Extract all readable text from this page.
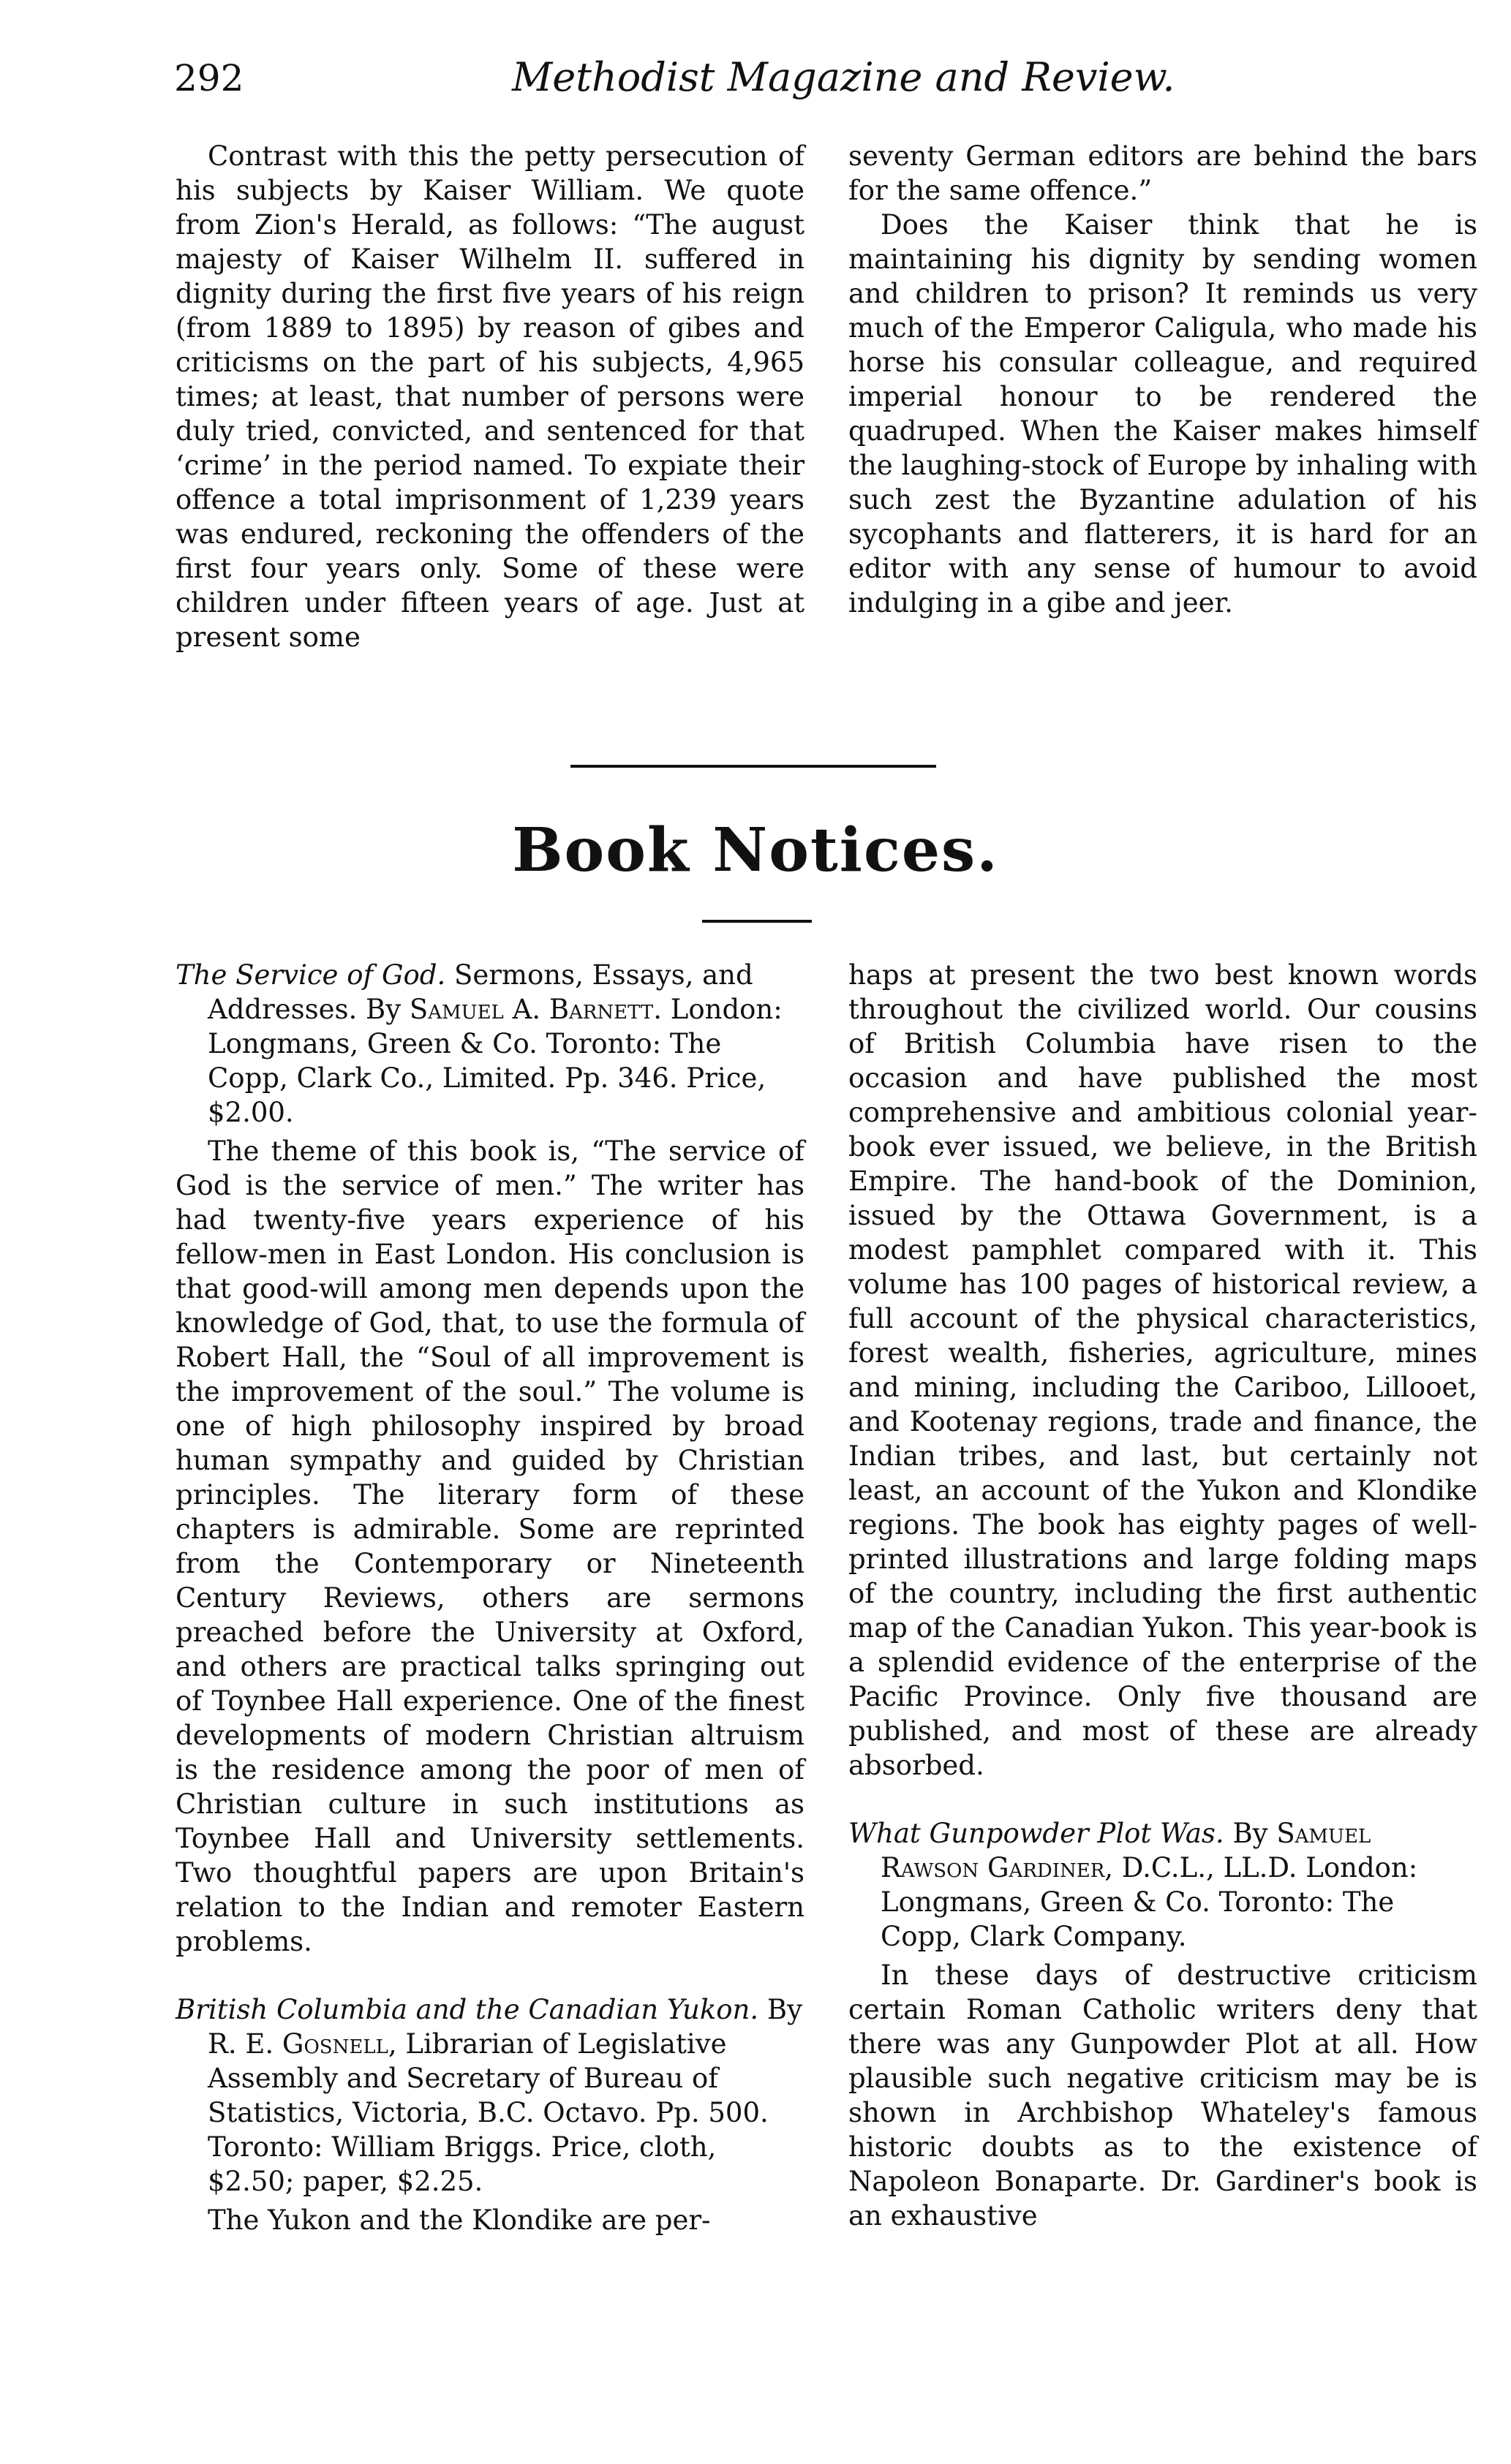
292	Methodist Magazine and Review.

Contrast with this the petty persecution of his subjects by Kaiser William. We quote from Zion's Herald, as follows: “The august majesty of Kaiser Wilhelm II. suffered in dignity during the first five years of his reign (from 1889 to 1895) by reason of gibes and criticisms on the part of his subjects, 4,965 times; at least, that number of persons were duly tried, convicted, and sentenced for that ‘crime’ in the period named. To expiate their offence a total imprisonment of 1,239 years was endured, reckoning the offenders of the first four years only. Some of these were children under fifteen years of age. Just at present some

seventy German editors are behind the bars for the same offence.”

Does the Kaiser think that he is maintaining his dignity by sending women and children to prison? It reminds us very much of the Emperor Caligula, who made his horse his consular colleague, and required imperial honour to be rendered the quadruped. When the Kaiser makes himself the laughing-stock of Europe by inhaling with such zest the Byzantine adulation of his sycophants and flatterers, it is hard for an editor with any sense of humour to avoid indulging in a gibe and jeer.

Book Notices.
The Service of God. Sermons, Essays, and Addresses. By Samuel A. Barnett. London: Longmans, Green & Co. Toronto: The Copp, Clark Co., Limited. Pp. 346. Price, $2.00.

The theme of this book is, “The service of God is the service of men.” The writer has had twenty-five years experience of his fellow-men in East London. His conclusion is that good-will among men depends upon the knowledge of God, that, to use the formula of Robert Hall, the “Soul of all improvement is the improvement of the soul.” The volume is one of high philosophy inspired by broad human sympathy and guided by Christian principles. The literary form of these chapters is admirable. Some are reprinted from the Contemporary or Nineteenth Century Reviews, others are sermons preached before the University at Oxford, and others are practical talks springing out of Toynbee Hall experience. One of the finest developments of modern Christian altruism is the residence among the poor of men of Christian culture in such institutions as Toynbee Hall and University settlements. Two thoughtful papers are upon Britain's relation to the Indian and remoter Eastern problems.

British Columbia and the Canadian Yukon. By R. E. Gosnell, Librarian of Legislative Assembly and Secretary of Bureau of Statistics, Victoria, B.C. Octavo. Pp. 500. Toronto: William Briggs. Price, cloth, $2.50; paper, $2.25.

The Yukon and the Klondike are per-

haps at present the two best known words throughout the civilized world. Our cousins of British Columbia have risen to the occasion and have published the most comprehensive and ambitious colonial year-book ever issued, we believe, in the British Empire. The hand-book of the Dominion, issued by the Ottawa Government, is a modest pamphlet compared with it. This volume has 100 pages of historical review, a full account of the physical characteristics, forest wealth, fisheries, agriculture, mines and mining, including the Cariboo, Lillooet, and Kootenay regions, trade and finance, the Indian tribes, and last, but certainly not least, an account of the Yukon and Klondike regions. The book has eighty pages of well-printed illustrations and large folding maps of the country, including the first authentic map of the Canadian Yukon. This year-book is a splendid evidence of the enterprise of the Pacific Province. Only five thousand are published, and most of these are already absorbed.

What Gunpowder Plot Was. By Samuel Rawson Gardiner, D.C.L., LL.D. London: Longmans, Green & Co. Toronto: The Copp, Clark Company.

In these days of destructive criticism certain Roman Catholic writers deny that there was any Gunpowder Plot at all. How plausible such negative criticism may be is shown in Archbishop Whateley's famous historic doubts as to the existence of Napoleon Bonaparte. Dr. Gardiner's book is an exhaustive
